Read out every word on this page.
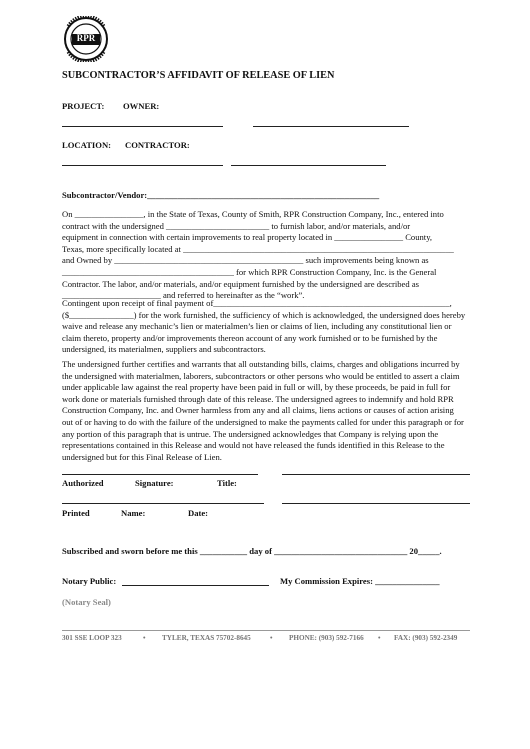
RPR
SUBCONTRACTOR’S AFFIDAVIT OF RELEASE OF LIEN
PROJECT: OWNER:
LOCATION: CONTRACTOR:
Subcontractor/Vendor:______________________________________________________

On ________________, in the State of Texas, County of Smith, RPR Construction Company, Inc., entered into

contract with the undersigned ________________________ to furnish labor, and/or materials, and/or

equipment in connection with certain improvements to real property located in ________________ County,

Texas, more specifically located at _______________________________________________________________

and Owned by ____________________________________________ such improvements being known as

________________________________________ for which RPR Construction Company, Inc. is the General

Contractor. The labor, and/or materials, and/or equipment furnished by the undersigned are described as

_______________________ and referred to hereinafter as the “work”.

Contingent upon receipt of final payment of_______________________________________________________,

($_______________) for the work furnished, the sufficiency of which is acknowledged, the undersigned does hereby

waive and release any mechanic’s lien or materialmen’s lien or claims of lien, including any constitutional lien or

claim thereto, property and/or improvements thereon account of any work furnished or to be furnished by the

undersigned, its materialmen, suppliers and subcontractors.

The undersigned further certifies and warrants that all outstanding bills, claims, charges and obligations incurred by

the undersigned with materialmen, laborers, subcontractors or other persons who would be entitled to assert a claim

under applicable law against the real property have been paid in full or will, by these proceeds, be paid in full for

work done or materials furnished through date of this release. The undersigned agrees to indemnify and hold RPR

Construction Company, Inc. and Owner harmless from any and all claims, liens actions or causes of action arising

out of or having to do with the failure of the undersigned to make the payments called for under this paragraph or for

any portion of this paragraph that is untrue. The undersigned acknowledges that Company is relying upon the

representations contained in this Release and would not have released the funds identified in this Release to the

undersigned but for this Final Release of Lien.

Authorized	Signature:	Title:
Printed	Name:	Date:
Subscribed and sworn before me this ___________ day of _______________________________ 20_____.
Notary Public:	My Commission Expires: _______________
(Notary Seal)
301 SSE LOOP 323	• TYLER, TEXAS 75702-8645	• PHONE: (903) 592-7166 • FAX: (903) 592-2349
